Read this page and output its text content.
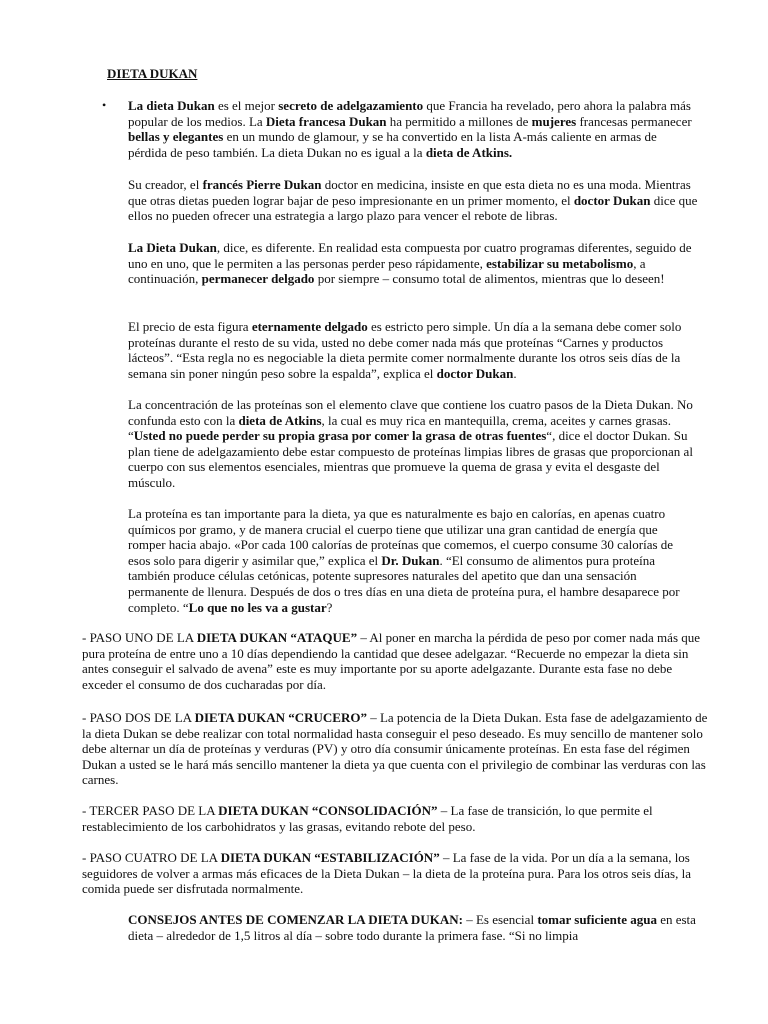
DIETA DUKAN
• La dieta Dukan es el mejor secreto de adelgazamiento que Francia ha revelado, pero ahora la palabra más popular de los medios. La Dieta francesa Dukan ha permitido a millones de mujeres francesas permanecer bellas y elegantes en un mundo de glamour, y se ha convertido en la lista A-más caliente en armas de pérdida de peso también. La dieta Dukan no es igual a la dieta de Atkins.

Su creador, el francés Pierre Dukan doctor en medicina, insiste en que esta dieta no es una moda. Mientras que otras dietas pueden lograr bajar de peso impresionante en un primer momento, el doctor Dukan dice que ellos no pueden ofrecer una estrategia a largo plazo para vencer el rebote de libras.

La Dieta Dukan, dice, es diferente. En realidad esta compuesta por cuatro programas diferentes, seguido de uno en uno, que le permiten a las personas perder peso rápidamente, estabilizar su metabolismo, a continuación, permanecer delgado por siempre – consumo total de alimentos, mientras que lo deseen!

El precio de esta figura eternamente delgado es estricto pero simple. Un día a la semana debe comer solo proteínas durante el resto de su vida, usted no debe comer nada más que proteínas “Carnes y productos lácteos”. “Esta regla no es negociable la dieta permite comer normalmente durante los otros seis días de la semana sin poner ningún peso sobre la espalda”, explica el doctor Dukan.

La concentración de las proteínas son el elemento clave que contiene los cuatro pasos de la Dieta Dukan. No confunda esto con la dieta de Atkins, la cual es muy rica en mantequilla, crema, aceites y carnes grasas. “Usted no puede perder su propia grasa por comer la grasa de otras fuentes“, dice el doctor Dukan. Su plan tiene de adelgazamiento debe estar compuesto de proteínas limpias libres de grasas que proporcionan al cuerpo con sus elementos esenciales, mientras que promueve la quema de grasa y evita el desgaste del músculo.

La proteína es tan importante para la dieta, ya que es naturalmente es bajo en calorías, en apenas cuatro químicos por gramo, y de manera crucial el cuerpo tiene que utilizar una gran cantidad de energía que romper hacia abajo. «Por cada 100 calorías de proteínas que comemos, el cuerpo consume 30 calorías de esos solo para digerir y asimilar que,” explica el Dr. Dukan. “El consumo de alimentos pura proteína también produce células cetónicas, potente supresores naturales del apetito que dan una sensación permanente de llenura. Después de dos o tres días en una dieta de proteína pura, el hambre desaparece por completo. “Lo que no les va a gustar?

- PASO UNO DE LA DIETA DUKAN “ATAQUE” – Al poner en marcha la pérdida de peso por comer nada más que pura proteína de entre uno a 10 días dependiendo la cantidad que desee adelgazar. “Recuerde no empezar la dieta sin antes conseguir el salvado de avena” este es muy importante por su aporte adelgazante. Durante esta fase no debe exceder el consumo de dos cucharadas por día.

- PASO DOS DE LA DIETA DUKAN “CRUCERO” – La potencia de la Dieta Dukan. Esta fase de adelgazamiento de la dieta Dukan se debe realizar con total normalidad hasta conseguir el peso deseado. Es muy sencillo de mantener solo debe alternar un día de proteínas y verduras (PV) y otro día consumir únicamente proteínas. En esta fase del régimen Dukan a usted se le hará más sencillo mantener la dieta ya que cuenta con el privilegio de combinar las verduras con las carnes.

- TERCER PASO DE LA DIETA DUKAN “CONSOLIDACIÓN” – La fase de transición, lo que permite el restablecimiento de los carbohidratos y las grasas, evitando rebote del peso.

- PASO CUATRO DE LA DIETA DUKAN “ESTABILIZACIÓN” – La fase de la vida. Por un día a la semana, los seguidores de volver a armas más eficaces de la Dieta Dukan – la dieta de la proteína pura. Para los otros seis días, la comida puede ser disfrutada normalmente.

CONSEJOS ANTES DE COMENZAR LA DIETA DUKAN: – Es esencial tomar suficiente agua en esta dieta – alrededor de 1,5 litros al día – sobre todo durante la primera fase. “Si no limpia
